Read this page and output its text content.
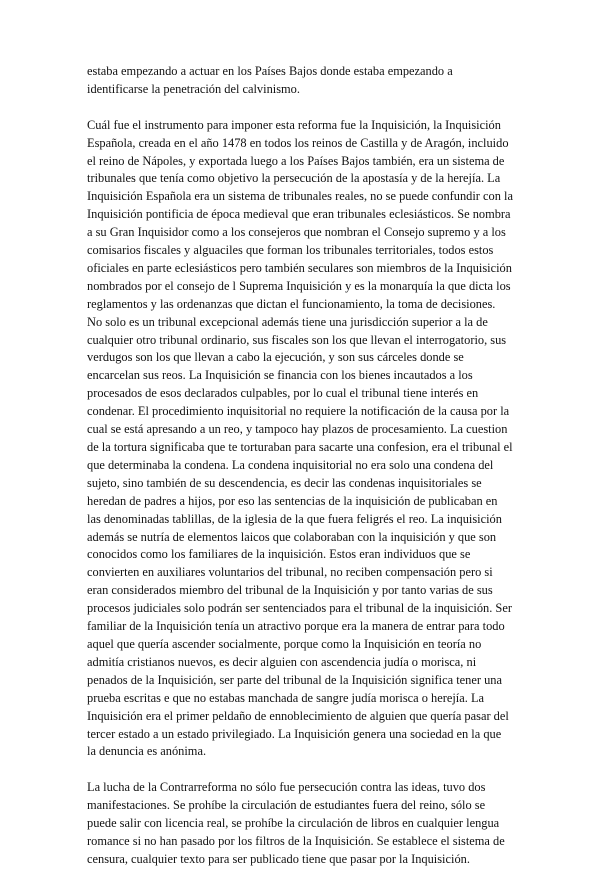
estaba empezando a actuar en los Países Bajos donde estaba empezando a identificarse la penetración del calvinismo.

Cuál fue el instrumento para imponer esta reforma fue la Inquisición, la Inquisición Española, creada en el año 1478 en todos los reinos de Castilla y de Aragón, incluido el reino de Nápoles, y exportada luego a los Países Bajos también, era un sistema de tribunales que tenía como objetivo la persecución de la apostasía y de la herejía. La Inquisición Española era un sistema de tribunales reales, no se puede confundir con la Inquisición pontificia de época medieval que eran tribunales eclesiásticos. Se nombra a su Gran Inquisidor como a los consejeros que nombran el Consejo supremo y a los comisarios fiscales y alguaciles que forman los tribunales territoriales, todos estos oficiales en parte eclesiásticos pero también seculares son miembros de la Inquisición nombrados por el consejo de l Suprema Inquisición y es la monarquía la que dicta los reglamentos y las ordenanzas que dictan el funcionamiento, la toma de decisiones. No solo es un tribunal excepcional además tiene una jurisdicción superior a la de cualquier otro tribunal ordinario, sus fiscales son los que llevan el interrogatorio, sus verdugos son los que llevan a cabo la ejecución, y son sus cárceles donde se encarcelan sus reos. La Inquisición se financia con los bienes incautados a los procesados de esos declarados culpables, por lo cual el tribunal tiene interés en condenar. El procedimiento inquisitorial no requiere la notificación de la causa por la cual se está apresando a un reo, y tampoco hay plazos de procesamiento. La cuestion de la tortura significaba que te torturaban para sacarte una confesion, era el tribunal el que determinaba la condena. La condena inquisitorial no era solo una condena del sujeto, sino también de su descendencia, es decir las condenas inquisitoriales se heredan de padres a hijos, por eso las sentencias de la inquisición de publicaban en las denominadas tablillas, de la iglesia de la que fuera feligrés el reo. La inquisición además se nutría de elementos laicos que colaboraban con la inquisición y que son conocidos como los familiares de la inquisición. Estos eran individuos que se convierten en auxiliares voluntarios del tribunal, no reciben compensación pero si eran considerados miembro del tribunal de la Inquisición y por tanto varias de sus procesos judiciales solo podrán ser sentenciados para el tribunal de la inquisición. Ser familiar de la Inquisición tenía un atractivo porque era la manera de entrar para todo aquel que quería ascender socialmente, porque como la Inquisición en teoría no admitía cristianos nuevos, es decir alguien con ascendencia judía o morisca, ni penados de la Inquisición, ser parte del tribunal de la Inquisición significa tener una prueba escritas e que no estabas manchada de sangre judía morisca o herejía. La Inquisición era el primer peldaño de ennoblecimiento de alguien que quería pasar del tercer estado a un estado privilegiado. La Inquisición genera una sociedad en la que la denuncia es anónima.

La lucha de la Contrarreforma no sólo fue persecución contra las ideas, tuvo dos manifestaciones. Se prohíbe la circulación de estudiantes fuera del reino, sólo se puede salir con licencia real, se prohíbe la circulación de libros en cualquier lengua romance si no han pasado por los filtros de la Inquisición. Se establece el sistema de censura, cualquier texto para ser publicado tiene que pasar por la Inquisición.
